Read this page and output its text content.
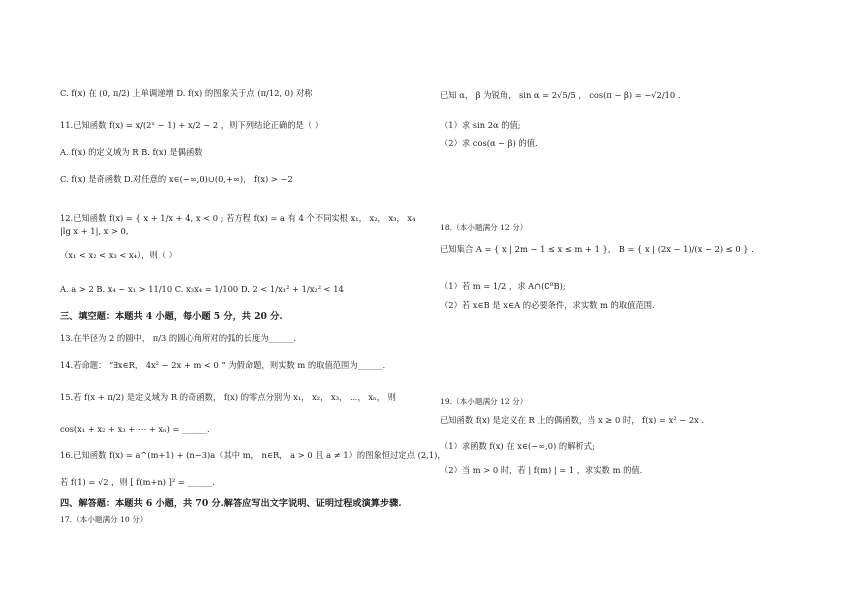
C. f(x) 在 (0, π/2) 上单调递增 D. f(x) 的图象关于点 (π/12, 0) 对称
11.已知函数 f(x) = x/(2ˣ − 1) + x/2 − 2 ，则下列结论正确的是（ ）
A. f(x) 的定义域为 R B. f(x) 是偶函数
C. f(x) 是奇函数 D.对任意的 x∈(−∞,0)∪(0,+∞)， f(x) > −2
12.已知函数 f(x) = { x + 1/x + 4, x < 0 ; 若方程 f(x) = a 有 4 个不同实根 x₁， x₂， x₃， x₄
|lg x + 1|, x > 0,
（x₁ < x₂ < x₃ < x₄），则（ ）
A. a > 2 B. x₄ − x₁ > 11/10 C. x₃x₄ = 1/100 D. 2 < 1/x₁² + 1/x₂² < 14
三、填空题：本题共 4 小题，每小题 5 分，共 20 分.
13.在半径为 2 的圆中， π/3 的圆心角所对的弧的长度为______.
14.若命题： “∃x∈R， 4x² − 2x + m < 0 ” 为假命题，则实数 m 的取值范围为______.
15.若 f(x + π/2) 是定义域为 R 的奇函数， f(x) 的零点分别为 x₁， x₂， x₃， ⋯， xₙ， 则
cos(x₁ + x₂ + x₃ + ⋯ + xₙ) = ______.
16.已知函数 f(x) = a^(m+1) + (n−3)a（其中 m， n∈R， a > 0 且 a ≠ 1）的图象恒过定点 (2,1)，
若 f(1) = √2 ，则 [ f(m+n) ]² = ______.
四、解答题：本题共 6 小题，共 70 分.解答应写出文字说明、证明过程或演算步骤.
17.（本小题满分 10 分）
已知 α， β 为锐角， sin α = 2√5/5 ， cos(π − β) = −√2/10 .
（1）求 sin 2α 的值;
（2）求 cos(α − β) 的值.
18.（本小题满分 12 分）
已知集合 A = { x | 2m − 1 ≤ x ≤ m + 1 }， B = { x | (2x − 1)/(x − 2) ≤ 0 } .
（1）若 m = 1/2 ，求 A∩(∁ᴿB);
（2）若 x∈B 是 x∈A 的必要条件，求实数 m 的取值范围.
19.（本小题满分 12 分）
已知函数 f(x) 是定义在 R 上的偶函数，当 x ≥ 0 时， f(x) = x² − 2x .
（1）求函数 f(x) 在 x∈(−∞,0) 的解析式;
（2）当 m > 0 时，若 | f(m) | = 1 ，求实数 m 的值.
